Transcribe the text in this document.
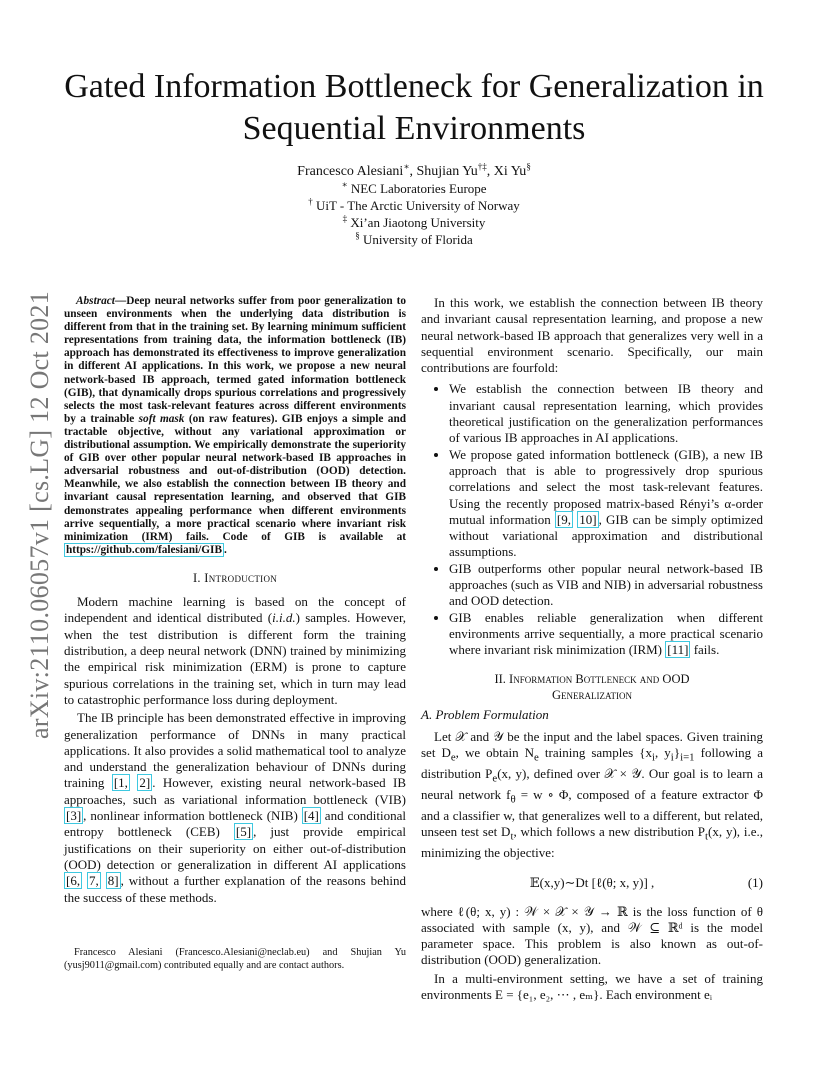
arXiv:2110.06057v1 [cs.LG] 12 Oct 2021
Gated Information Bottleneck for Generalization in Sequential Environments
Francesco Alesiani∗, Shujian Yu†‡, Xi Yu§
∗ NEC Laboratories Europe
† UiT - The Arctic University of Norway
‡ Xi’an Jiaotong University
§ University of Florida

Abstract—Deep neural networks suffer from poor generalization to unseen environments when the underlying data distribution is different from that in the training set. By learning minimum sufficient representations from training data, the information bottleneck (IB) approach has demonstrated its effectiveness to improve generalization in different AI applications. In this work, we propose a new neural network-based IB approach, termed gated information bottleneck (GIB), that dynamically drops spurious correlations and progressively selects the most task-relevant features across different environments by a trainable soft mask (on raw features). GIB enjoys a simple and tractable objective, without any variational approximation or distributional assumption. We empirically demonstrate the superiority of GIB over other popular neural network-based IB approaches in adversarial robustness and out-of-distribution (OOD) detection. Meanwhile, we also establish the connection between IB theory and invariant causal representation learning, and observed that GIB demonstrates appealing performance when different environments arrive sequentially, a more practical scenario where invariant risk minimization (IRM) fails. Code of GIB is available at https://github.com/falesiani/GIB .

I. Introduction

Modern machine learning is based on the concept of independent and identical distributed (i.i.d.) samples. However, when the test distribution is different form the training distribution, a deep neural network (DNN) trained by minimizing the empirical risk minimization (ERM) is prone to capture spurious correlations in the training set, which in turn may lead to catastrophic performance loss during deployment.

The IB principle has been demonstrated effective in improving generalization performance of DNNs in many practical applications. It also provides a solid mathematical tool to analyze and understand the generalization behaviour of DNNs during training [1, 2] . However, existing neural network-based IB approaches, such as variational information bottleneck (VIB) [3] , nonlinear information bottleneck (NIB) [4] and conditional entropy bottleneck (CEB) [5] , just provide empirical justifications on their superiority on either out-of-distribution (OOD) detection or generalization in different AI applications [6, 7, 8] , without a further explanation of the reasons behind the success of these methods.

Francesco Alesiani (Francesco.Alesiani@neclab.eu) and Shujian Yu (yusj9011@gmail.com) contributed equally and are contact authors.

In this work, we establish the connection between IB theory and invariant causal representation learning, and propose a new neural network-based IB approach that generalizes very well in a sequential environment scenario. Specifically, our main contributions are fourfold:

• We establish the connection between IB theory and invariant causal representation learning, which provides theoretical justification on the generalization performances of various IB approaches in AI applications.
• We propose gated information bottleneck (GIB), a new IB approach that is able to progressively drop spurious correlations and select the most task-relevant features. Using the recently proposed matrix-based Rényi’s α-order mutual information [9, 10] , GIB can be simply optimized without variational approximation and distributional assumptions.
• GIB outperforms other popular neural network-based IB approaches (such as VIB and NIB) in adversarial robustness and OOD detection.
• GIB enables reliable generalization when different environments arrive sequentially, a more practical scenario where invariant risk minimization (IRM) [11] fails.
II. Information Bottleneck and OOD
Generalization
A. Problem Formulation

Let 𝒳 and 𝒴 be the input and the label spaces. Given training set $D_e$, we obtain $N_e$ training samples {$x_i$, $y_i\}_{i=1}$ following a distribution $P_e(x$, y), defined over 𝒳 × 𝒴. Our goal is to learn a neural network $f_\theta = w$ ∘ Φ, composed of a feature extractor Φ and a classifier w, that generalizes well to a different, but related, unseen test set $D_t$, which follows a new distribution $P_t(x$, y), i.e., minimizing the objective:

𝔼(x,y)∼Dt [ℓ(θ; x, y)] ,	(1)

where ℓ(θ; x, y) : 𝒲 × 𝒳 × 𝒴 → ℝ is the loss function of θ associated with sample (x, y), and 𝒲 ⊆ ℝᵈ is the model parameter space. This problem is also known as out-of-distribution (OOD) generalization.

In a multi-environment setting, we have a set of training environments E = {e₁, e₂, ⋯ , eₘ}. Each environment eᵢ
